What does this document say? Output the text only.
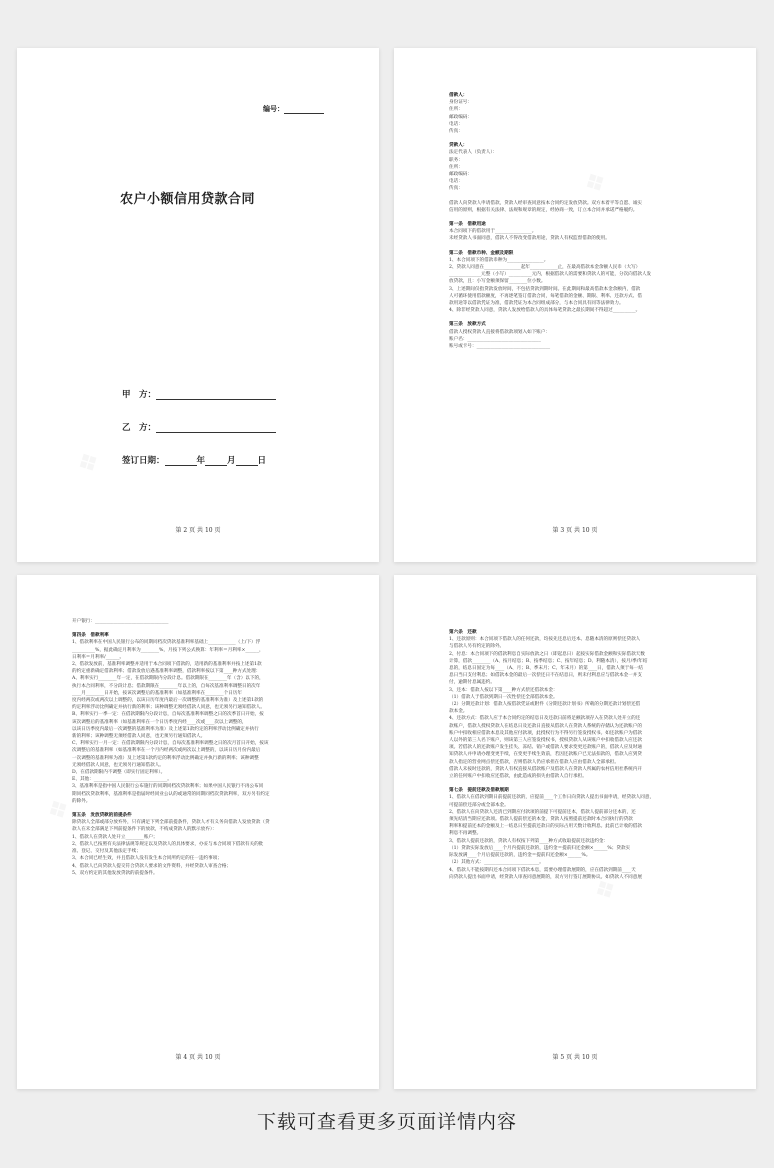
编号：
农户小额信用贷款合同
甲　方：
乙　方：
签订日期：	年	月	日
第 2 页 共 10 页
借款人：
身份证号：
住所：
邮政编码：
电话：
传真：
贷款人：
法定代表人（负责人）：
职务：
住所：
邮政编码：
电话：
传真：
借款人向贷款人申请借款，贷款人经审查同意按本合同约定发放贷款。双方本着平等自愿、诚实
信用的原则，根据有关法律、法规和规章的规定，经协商一致，订立本合同并承诺严格履约。
第一条　借款用途
本合同项下的借款用于________________。
未经贷款人书面同意，借款人不得改变借款用途，贷款人有权监督借款的使用。
第二条　借款币种、金额及期限
1、本合同项下的借款币种为________________。
2、贷款人同意在________________起年____________止，在最高借款本金余额人民币（大写）
______________元整（小写）__________元内，根据借款人的需要和贷款人的可能，分次向借款人发
放贷款，且：小写金额须保留________位小数。
3、上述期间仅指贷款发放时间，不包括贷款到期时间。在此期间和最高借款本金余额内，借款
人可循环使用借款额度，不再逐笔签订借款合同，每笔借款的金额、期限、利率、还款方式、借
款用途等以借款凭证为准，借款凭证为本合同组成部分，与本合同具有同等法律效力。
4、除非经贷款人同意，贷款人发放给借款人的具体每笔贷款之最长期间不得超过__________。
第三条　放款方式
借款人授权贷款人直接将借款款项划入如下账户：
账户名：________________________________
账号或卡号：________________________________
第 3 页 共 10 页
开户银行：________________________________
第四条　借款利率
1、借款利率在中国人民银行公布的同期同档次贷款基准利率基础上____________（上/下）浮
__________%，据此确定月利率为________%，月按下列公式换算：年利率＝月利率×______，
日利率＝月利率/______。
2、借款发放前，基准利率调整并适用于本合同项下借款的，适用新的基准利率并按上述第1款
的约定重新确定借款利率；借款发放后遇基准利率调整，借款利率按以下第____种方式处理：
A、利率实行________年一定，在借款期限内分段计息。借款期限在________年（含）以下的，
执行本合同利率，不分段计息；借款期限在________年以上的，自每次基准利率调整日的次年
____月________日开始，按该次调整后的基准利率（如基准利率在________个日历年
度内经两次或两次以上调整的，以该日历年度内最后一次调整的基准利率为准）及上述第1款的
约定利率浮动比例确定并执行新的利率；该种调整无须经借款人同意，也无须另行通知借款人。
B、利率实行一季一定：在借款期限内分段计息，自每次基准利率调整之日的次季首日开始，按
该次调整后的基准利率（如基准利率在一个日历季度内经____次或____次以上调整的，
以该日历季度内最后一次调整的基准利率为准）及上述第1款约定的利率浮动比例确定并执行
新的利率；该种调整无须经借款人同意，也无须另行通知借款人。
C、利率实行一月一定：在借款期限内分段计息，自每次基准利率调整之日的次月首日开始，按该
次调整后的基准利率（如基准利率在一个月内经两次或两次以上调整的，以该日历月份内最后
一次调整的基准利率为准）及上述第1款约定的利率浮动比例确定并执行新的利率；该种调整
无须经借款人同意，也无须另行通知借款人。
D、在借款期限内不调整（即实行固定利率）。
E、其他：________________________________。
3、基准利率是指中国人民银行公布施行的同期同档次贷款利率；如果中国人民银行不再公布同
期同档次贷款利率，基准利率是指届时经同业公认的或通常的同期同档次贷款利率，双方另有约定
的除外。
第五条　发放贷款的前提条件
除贷款人全部或部分放弃外，只有满足下列全部前提条件，贷款人才有义务向借款人发放贷款（贷
款人在未全部满足下列前提条件下的放款，不构成贷款人的默示放弃）：
1、借款人在贷款人处开立________账户；
2、借款人已按照有关法律法规等规定以及贷款人的具体要求，办妥与本合同项下借款有关的批
准、登记、交付及其他法定手续；
3、本合同已经生效，并且借款人没有发生本合同所约定的任一违约事项；
4、借款人已向贷款人提交符合贷款人要求的文件资料，并经贷款人审查合格；
5、双方约定的其他发放贷款的前提条件。
第 4 页 共 10 页
第六条　还款
1、还款原则：本合同项下借款人的任何还款，均按先还息后还本、息随本清的原则偿还贷款人
与借款人另有约定的除外。
2、付息：本合同项下的借款利息自实际放款之日（即起息日）起按实际借款金额和实际借款天数
计算，借款________（A、按月结息；B、按季结息；C、按年结息；D、利随本清），按月/季/年结
息的，结息日固定为每____（A、月；B、季末月；C、年末月）的第____日，借款人须于每一结
息日当日支付利息；如借款本金的最后一次偿还日不在结息日，则未付利息应与借款本金一并支
付，逾期付息属违约。
3、还本：借款人按以下第____种方式偿还借款本金：
（1）借款人于借款到期日一次性偿还全部借款本金。
（2）分期还款计划：借款人按借款凭证或附件《分期还款计划书》所载的分期还款计划偿还借
款本金。
4、还款方式：借款人应于本合同约定的结息日及还款日前将足额款项存入在贷款人处开立的还
款账户，借款人授权贷款人在结息日及还款日直接从借款人在贷款人系统的存储认为还款账户的
账户中扣收相应借款本息及其他应付款项，此授权行为不得另行签发授权书。如还款账户为借款
人以外的第三人名下账户，则该第三人应签发授权书，授权贷款人从该账户中扣收借款人应还款
项。若借款人的还款账户发生挂失、冻结、销户或借款人要求变更还款账户的，借款人应及时通
知贷款人并申请办理变更手续，在变更手续生效前，若因还款账户已无法扣款的，借款人应到贷
款人指定的营业网点偿还借款，否则借款人仍应承担在借款人应由借款人全部承担。
借款人未按时还款的，贷款人有权直接从借款账户及借款人在贷款人所属的农村信用社系统内开
立的任何账户中扣收应还借款，由此造成的损失由借款人自行承担。
第七条　提前还款及借款展期
1、借款人在借款到期日前提前还款的，应提前____个工作日向贷款人提出书面申请，经贷款人同意，
可提前偿还部分或全部本金。
2、借款人在向贷款人还清已到期应付款项的前提下可提前还本，借款人提前部分还本的，还
须先结清当期应还款项。借款人提前偿还的本金，贷款人按照提前还款时本合同执行的贷款
利率和提前还本的金额及上一结息日至提前还款日的实际占用天数计收利息。此前已计收的借款
利息不再调整。
3、借款人提前还款的，贷款人有权按下列第____种方式收取提前还款违约金：
（1）贷款实际发放后____个月内提前还款的，违约金＝提前归还金额×______%；贷款实
际发放满____个月后提前还款的，违约金＝提前归还金额×______%。
（2）其他方式：________________________。
4、借款人不能按期归还本合同项下借款本息，需要办理借款展期的，应在借款到期前____天
向贷款人提出书面申请，经贷款人审查同意展期的，双方另行签订展期协议。如贷款人不同意展
第 5 页 共 10 页
下载可查看更多页面详情内容
